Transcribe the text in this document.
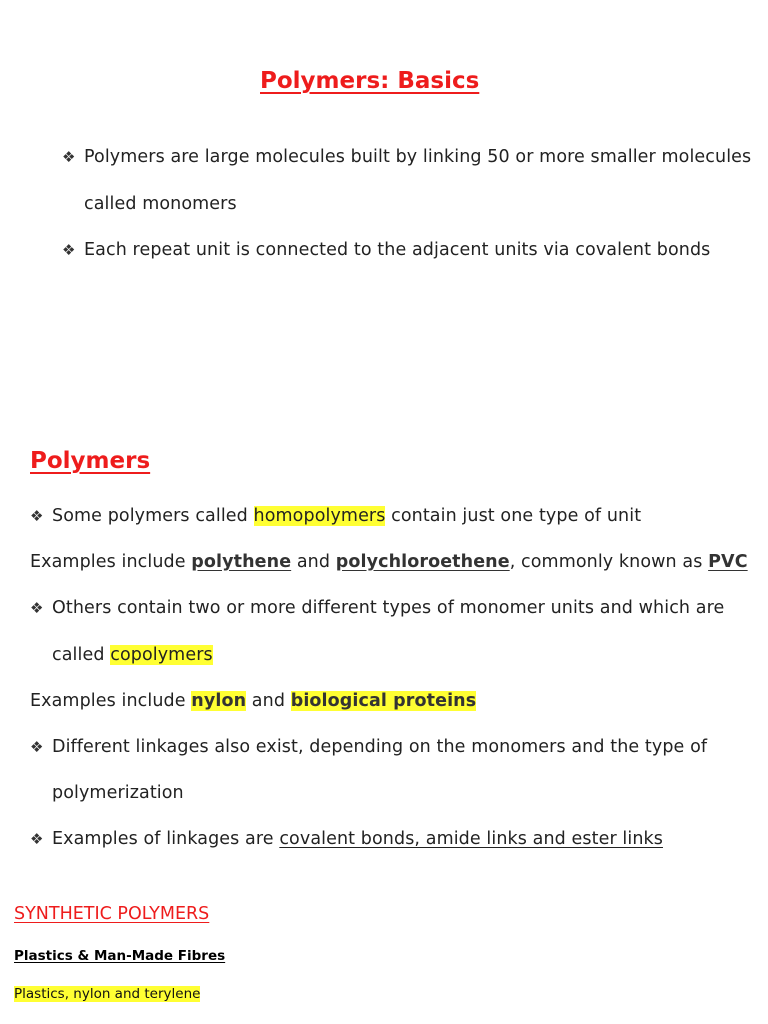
Polymers: Basics
❖ Polymers are large molecules built by linking 50 or more smaller molecules
called monomers
❖ Each repeat unit is connected to the adjacent units via covalent bonds
Polymers
❖ Some polymers called homopolymers contain just one type of unit
Examples include polythene and polychloroethene, commonly known as PVC
❖ Others contain two or more different types of monomer units and which are
called copolymers
Examples include nylon and biological proteins
❖ Different linkages also exist, depending on the monomers and the type of
polymerization
❖ Examples of linkages are covalent bonds, amide links and ester links
SYNTHETIC POLYMERS
Plastics & Man-Made Fibres
Plastics, nylon and terylene
